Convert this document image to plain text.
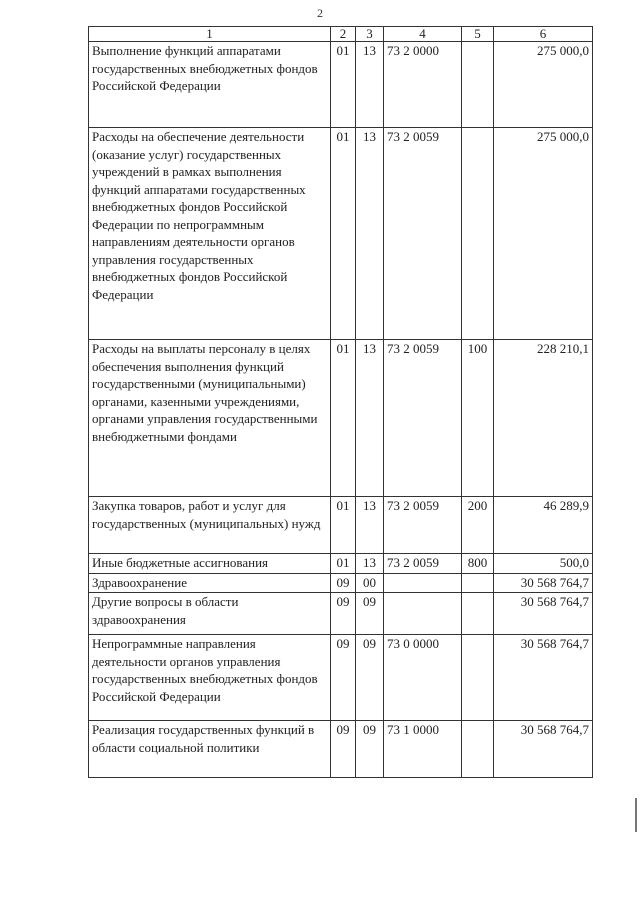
2
1	2	3	4	5	6
Выполнение функций аппаратами государственных внебюджетных фондов Российской Федерации	01	13	73 2 0000		275 000,0
Расходы на обеспечение деятельности (оказание услуг) государственных учреждений в рамках выполнения функций аппаратами государственных внебюджетных фондов Российской Федерации по непрограммным направлениям деятельности органов управления государственных внебюджетных фондов Российской Федерации	01	13	73 2 0059		275 000,0
Расходы на выплаты персоналу в целях обеспечения выполнения функций государственными (муниципальными) органами, казенными учреждениями, органами управления государственными внебюджетными фондами	01	13	73 2 0059	100	228 210,1
Закупка товаров, работ и услуг для государственных (муниципальных) нужд	01	13	73 2 0059	200	46 289,9
Иные бюджетные ассигнования	01	13	73 2 0059	800	500,0
Здравоохранение	09	00			30 568 764,7
Другие вопросы в области здравоохранения	09	09			30 568 764,7
Непрограммные направления деятельности органов управления государственных внебюджетных фондов Российской Федерации	09	09	73 0 0000		30 568 764,7
Реализация государственных функций в области социальной политики	09	09	73 1 0000		30 568 764,7
